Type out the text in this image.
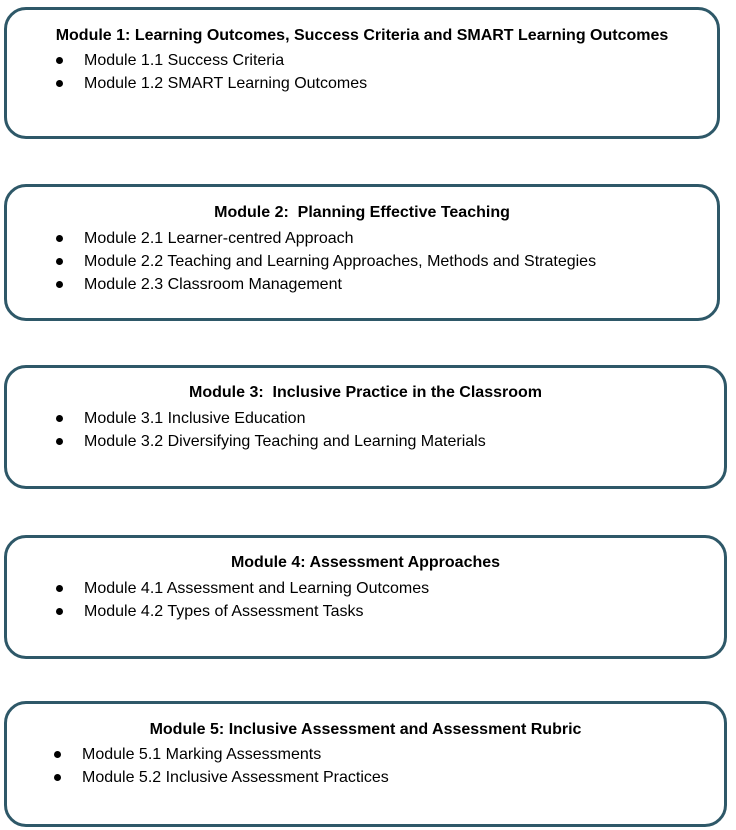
Module 1: Learning Outcomes, Success Criteria and SMART Learning Outcomes

Module 1.1 Success Criteria
Module 1.2 SMART Learning Outcomes

Module 2:  Planning Effective Teaching

Module 2.1 Learner-centred Approach
Module 2.2 Teaching and Learning Approaches, Methods and Strategies
Module 2.3 Classroom Management

Module 3:  Inclusive Practice in the Classroom

Module 3.1 Inclusive Education
Module 3.2 Diversifying Teaching and Learning Materials

Module 4: Assessment Approaches

Module 4.1 Assessment and Learning Outcomes
Module 4.2 Types of Assessment Tasks

Module 5: Inclusive Assessment and Assessment Rubric

Module 5.1 Marking Assessments
Module 5.2 Inclusive Assessment Practices
